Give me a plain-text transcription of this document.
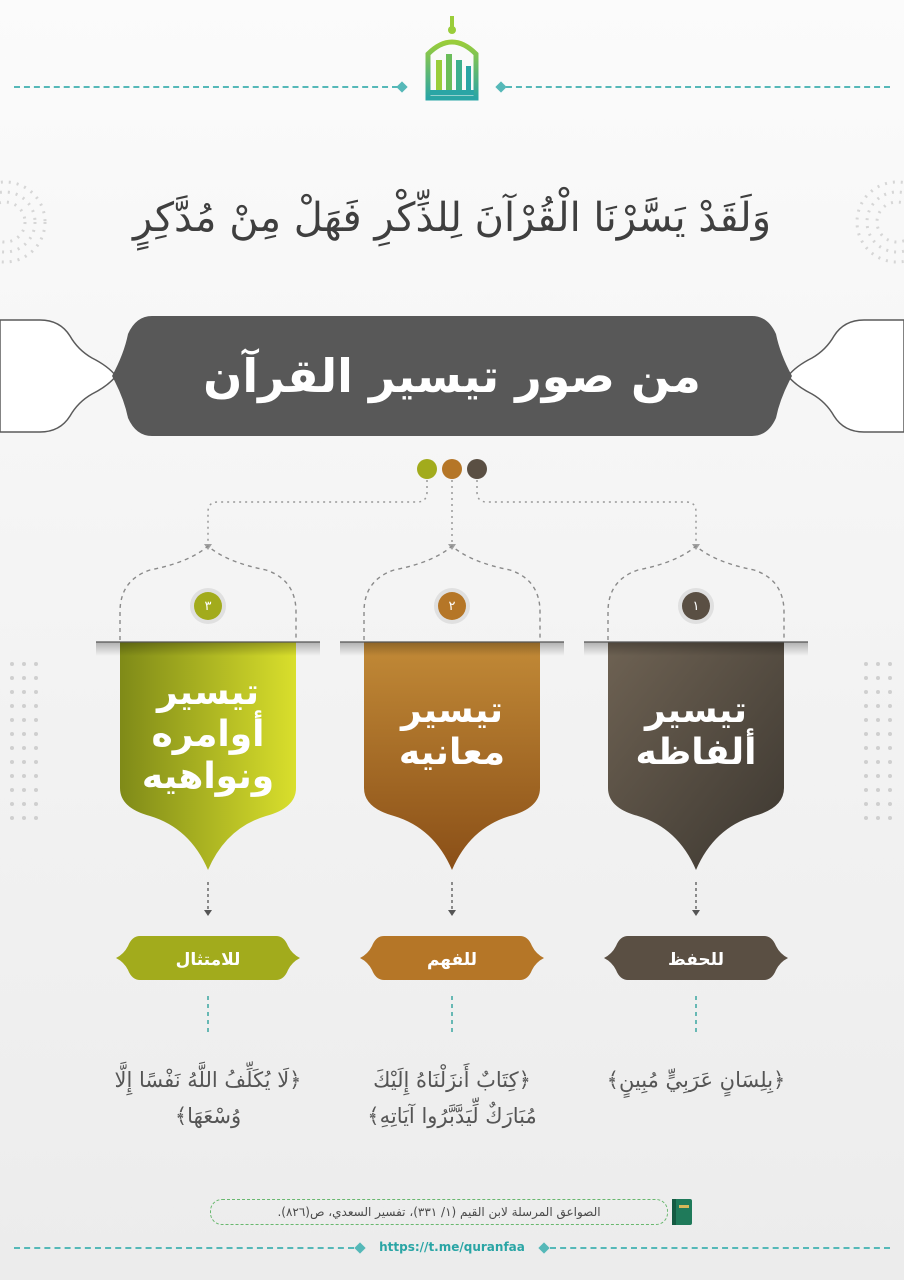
وَلَقَدْ يَسَّرْنَا الْقُرْآنَ لِلذِّكْرِ فَهَلْ مِنْ مُدَّكِرٍ
من صور تيسير القرآن
٣	٢	١
تيسير أوامره ونواهيه
تيسير معانيه
تيسير ألفاظه
للامتثال	للفهم	للحفظ
﴿لَا يُكَلِّفُ اللَّهُ نَفْسًا إِلَّا وُسْعَهَا﴾
﴿كِتَابٌ أَنزَلْنَاهُ إِلَيْكَ مُبَارَكٌ لِّيَدَّبَّرُوا آيَاتِهِ﴾
﴿بِلِسَانٍ عَرَبِيٍّ مُبِينٍ﴾
الصواعق المرسلة لابن القيم (١/ ٣٣١)، تفسير السعدي، ص(٨٢٦).
https://t.me/quranfaa
